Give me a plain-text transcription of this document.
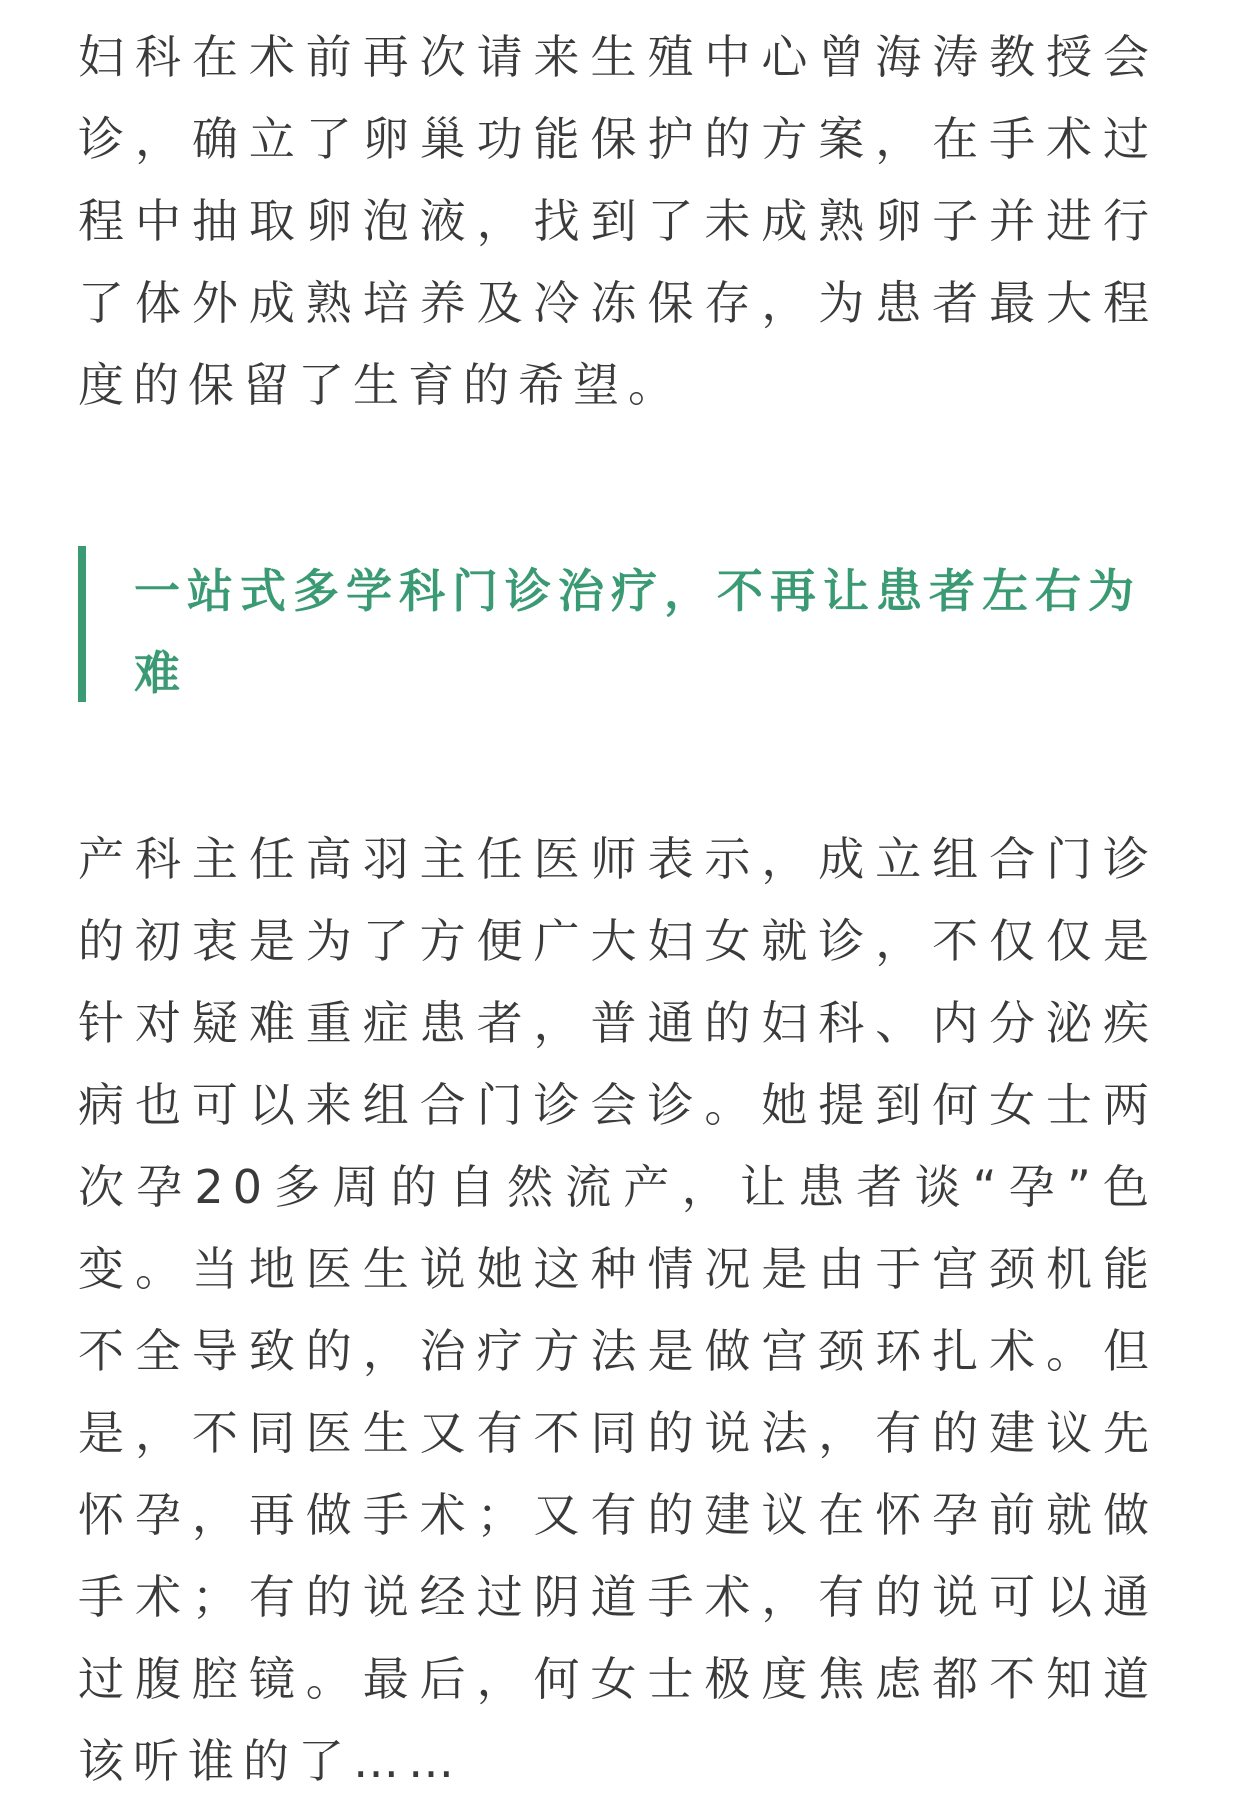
妇科在术前再次请来生殖中心曾海涛教授会诊，确立了卵巢功能保护的方案，在手术过程中抽取卵泡液，找到了未成熟卵子并进行了体外成熟培养及冷冻保存，为患者最大程度的保留了生育的希望。

一站式多学科门诊治疗，不再让患者左右为难

产科主任高羽主任医师表示，成立组合门诊的初衷是为了方便广大妇女就诊，不仅仅是针对疑难重症患者，普通的妇科、内分泌疾病也可以来组合门诊会诊。她提到何女士两次孕20多周的自然流产，让患者谈“孕”色变。当地医生说她这种情况是由于宫颈机能不全导致的，治疗方法是做宫颈环扎术。但是，不同医生又有不同的说法，有的建议先怀孕，再做手术；又有的建议在怀孕前就做手术；有的说经过阴道手术，有的说可以通过腹腔镜。最后，何女士极度焦虑都不知道该听谁的了……
